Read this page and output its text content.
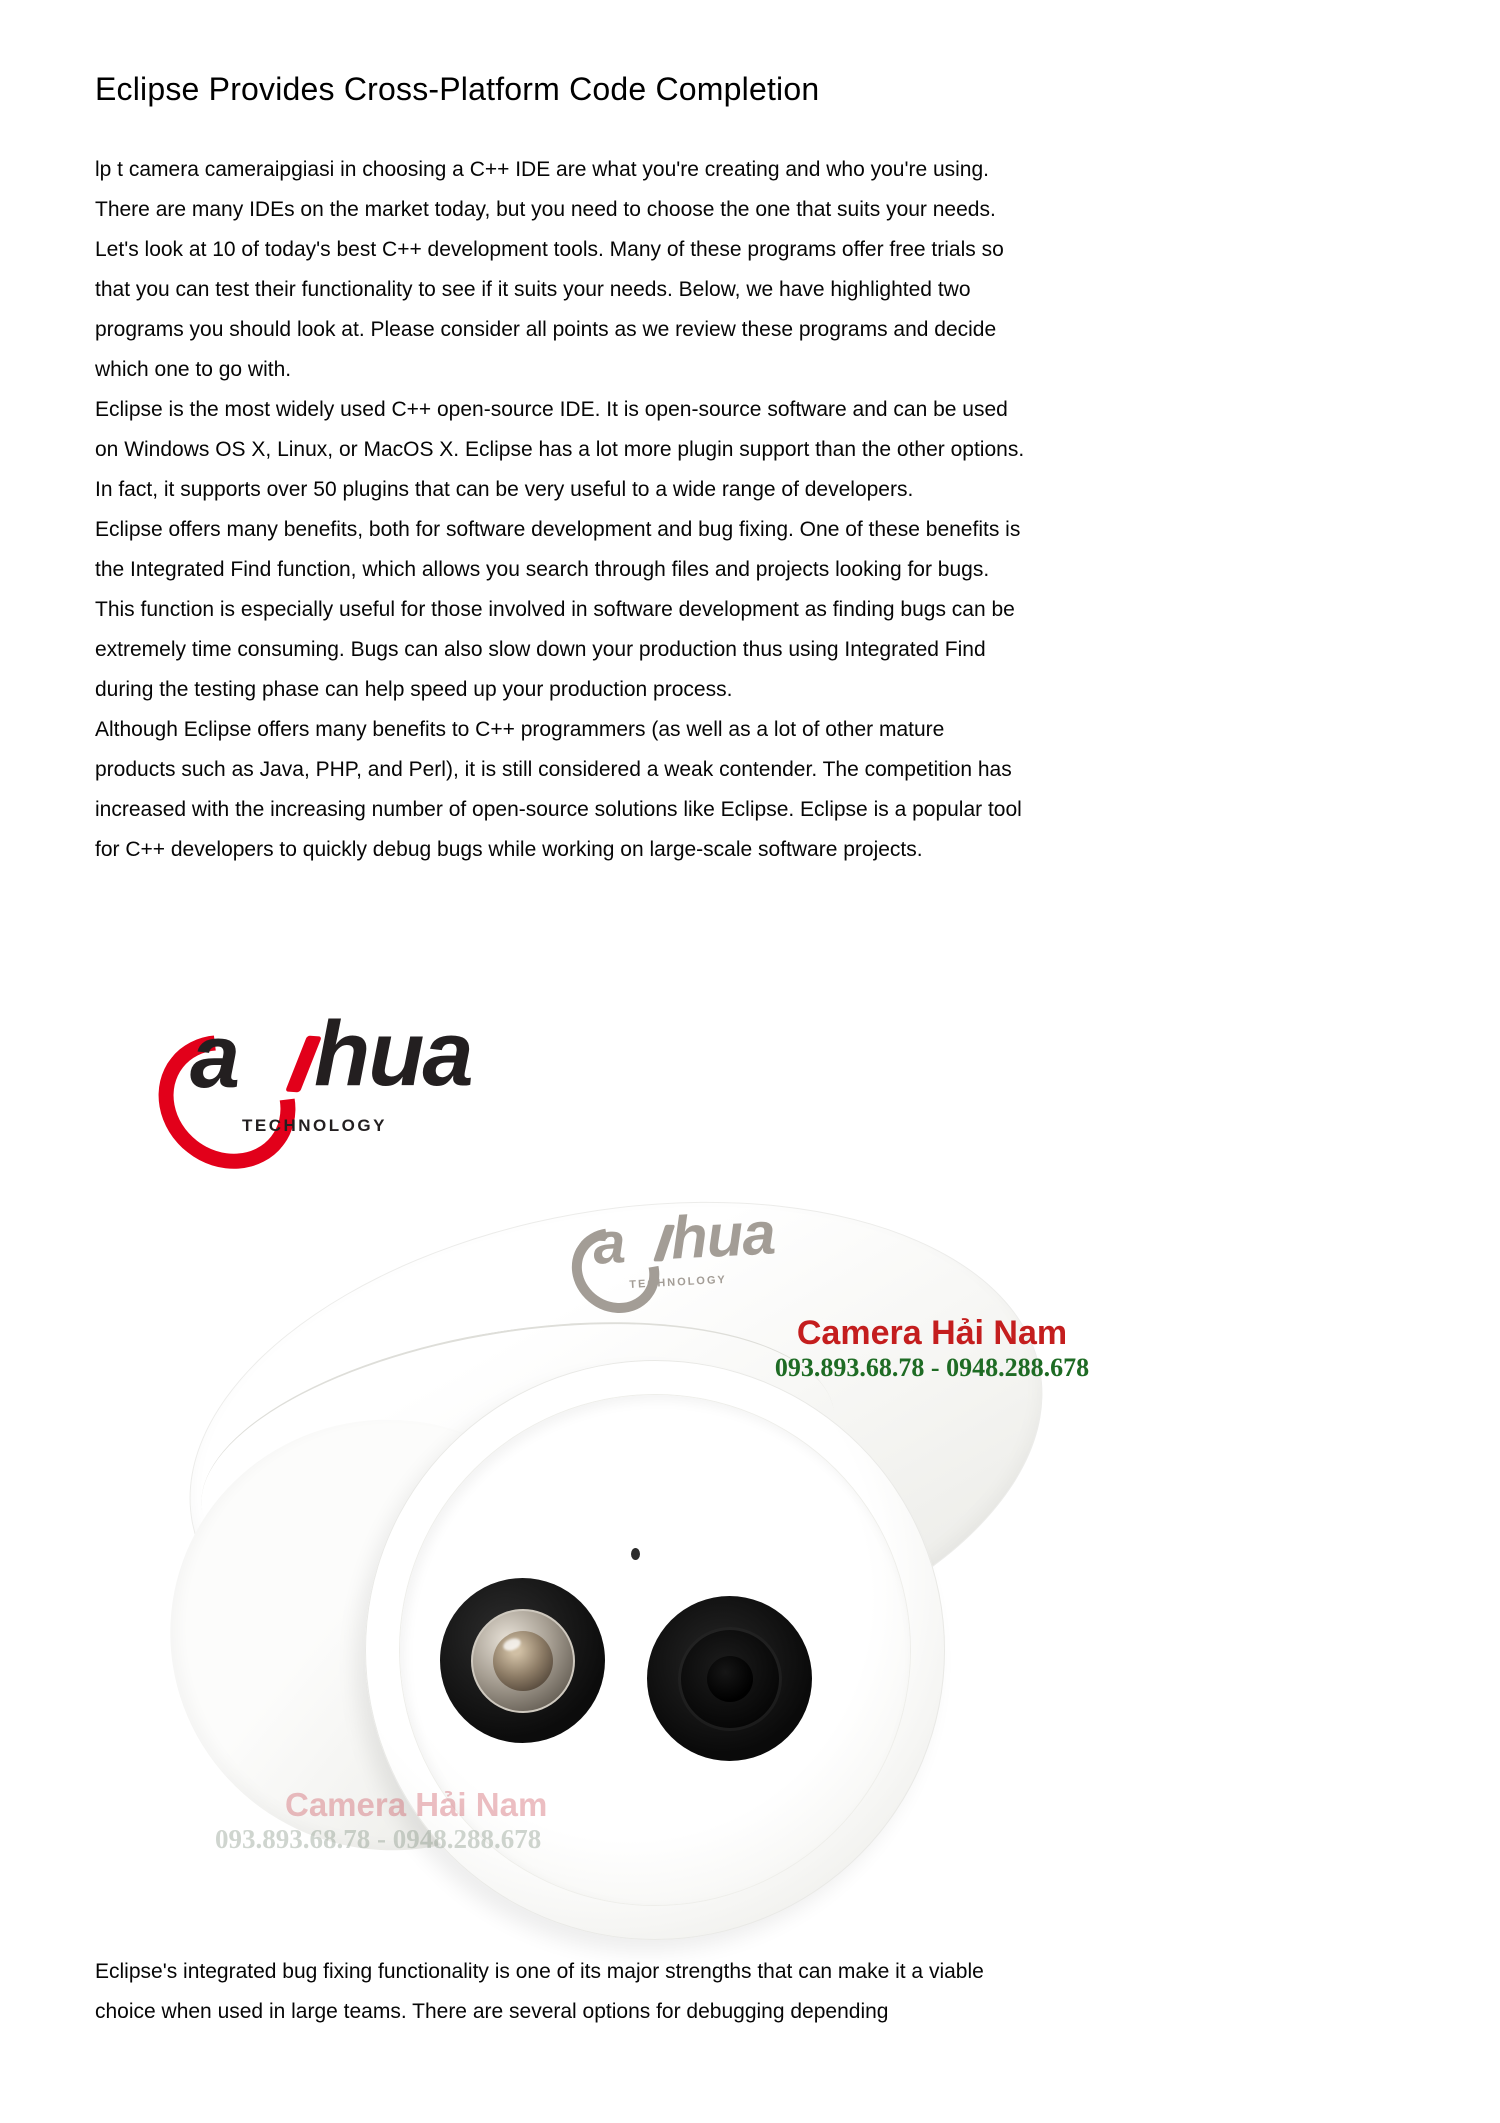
Eclipse Provides Cross-Platform Code Completion

lp t camera cameraipgiasi in choosing a C++ IDE are what you're creating and who you're using. There are many IDEs on the market today, but you need to choose the one that suits your needs. Let's look at 10 of today's best C++ development tools. Many of these programs offer free trials so that you can test their functionality to see if it suits your needs. Below, we have highlighted two programs you should look at. Please consider all points as we review these programs and decide which one to go with.

Eclipse is the most widely used C++ open-source IDE. It is open-source software and can be used on Windows OS X, Linux, or MacOS X. Eclipse has a lot more plugin support than the other options. In fact, it supports over 50 plugins that can be very useful to a wide range of developers.

Eclipse offers many benefits, both for software development and bug fixing. One of these benefits is the Integrated Find function, which allows you search through files and projects looking for bugs. This function is especially useful for those involved in software development as finding bugs can be extremely time consuming. Bugs can also slow down your production thus using Integrated Find during the testing phase can help speed up your production process.

Although Eclipse offers many benefits to C++ programmers (as well as a lot of other mature products such as Java, PHP, and Perl), it is still considered a weak contender. The competition has increased with the increasing number of open-source solutions like Eclipse. Eclipse is a popular tool for C++ developers to quickly debug bugs while working on large-scale software projects.

a hua
TECHNOLOGY
a hua
TECHNOLOGY
Camera Hải Nam
093.893.68.78 - 0948.288.678
Camera Hải Nam
093.893.68.78 - 0948.288.678
Eclipse's integrated bug fixing functionality is one of its major strengths that can make it a viable choice when used in large teams. There are several options for debugging depending
